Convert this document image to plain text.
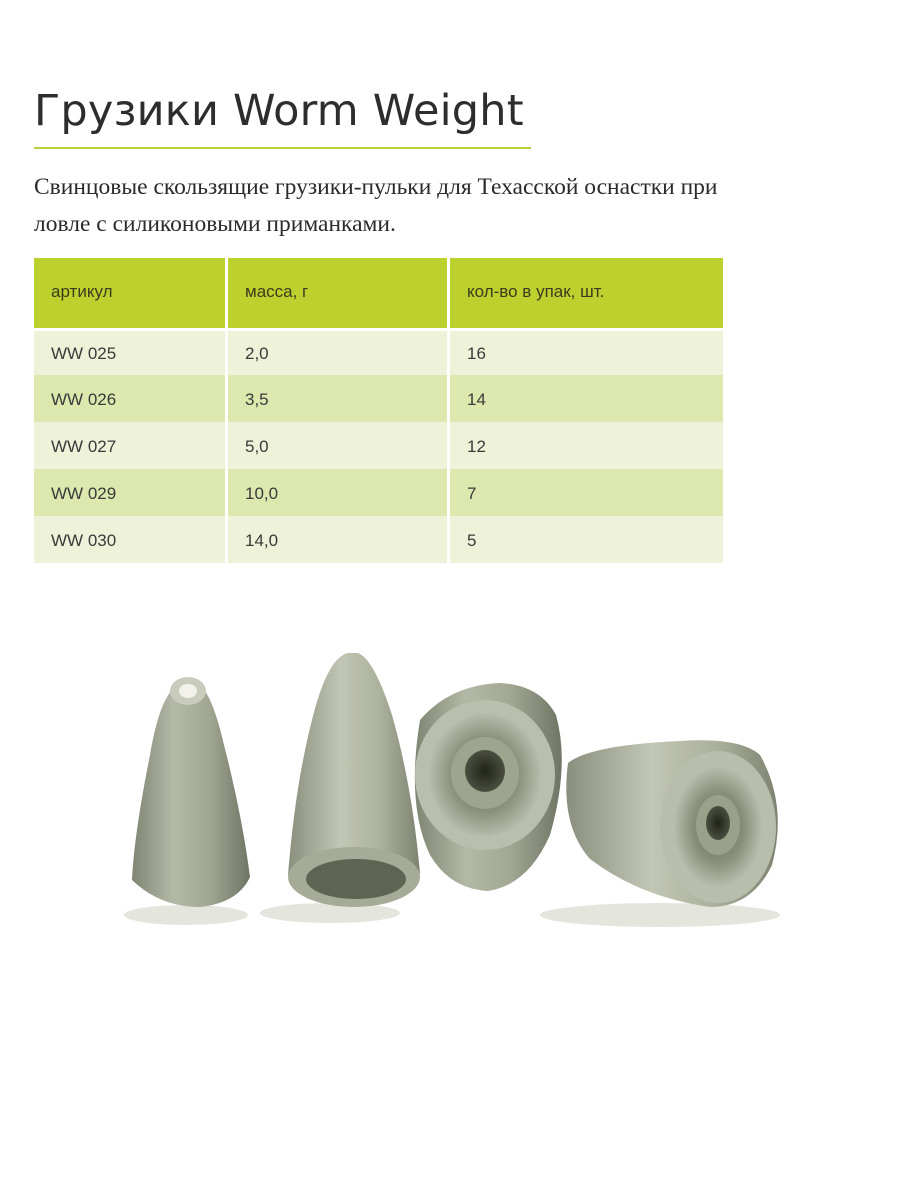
Грузики Worm Weight
Свинцовые скользящие грузики-пульки для Техасской оснастки при
ловле с силиконовыми приманками.
артикул	масса, г	кол-во в упак, шт.
WW 025	2,0	16
WW 026	3,5	14
WW 027	5,0	12
WW 029	10,0	7
WW 030	14,0	5
